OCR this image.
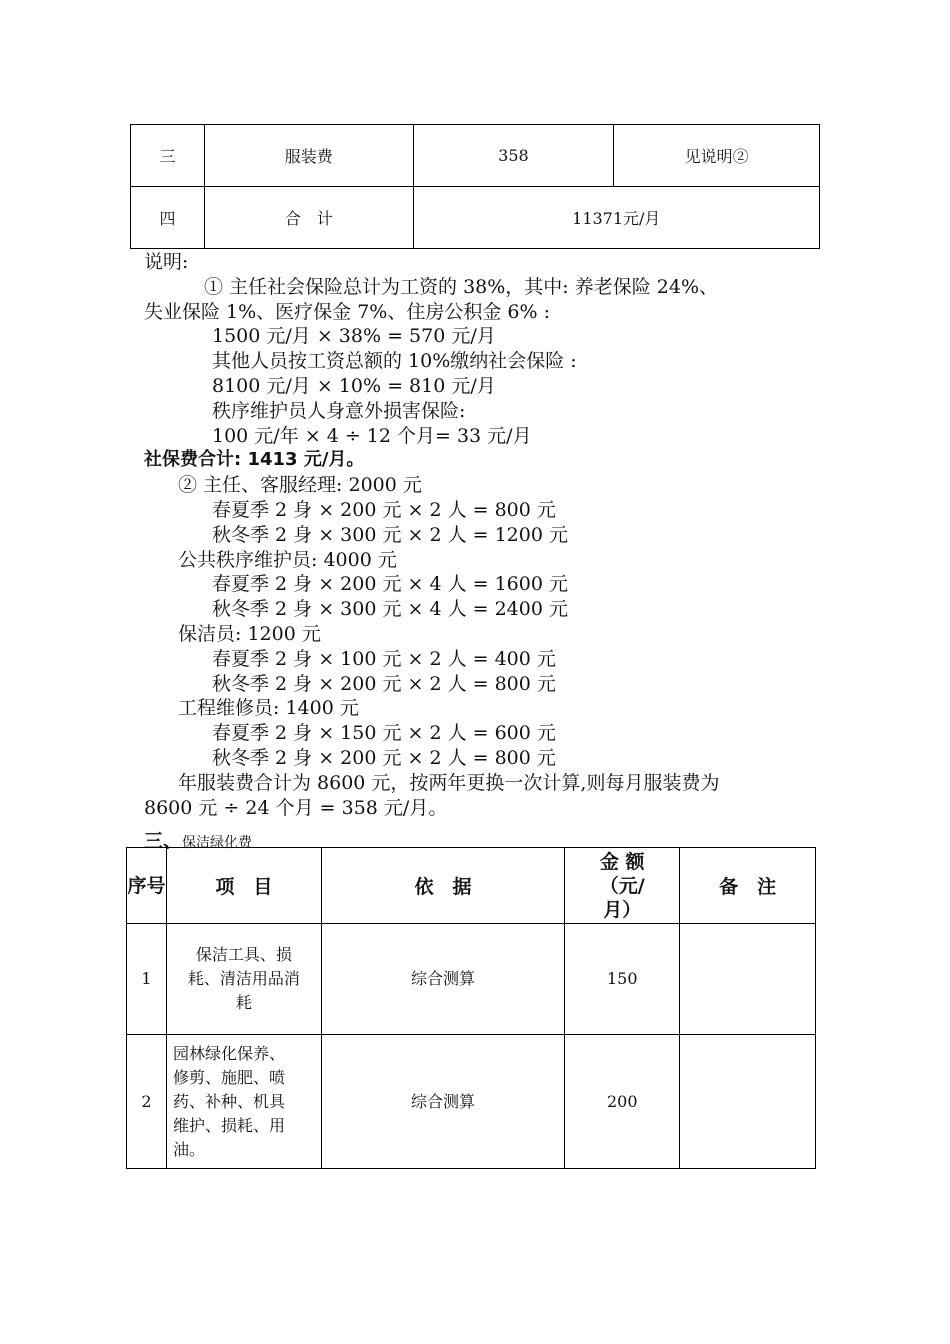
三	服装费	358	见说明②
四	合　计	11371元/月	
说明:
① 主任社会保险总计为工资的 38%，其中: 养老保险 24%、
失业保险 1%、医疗保金 7%、住房公积金 6% :
1500 元/月 × 38% = 570 元/月
其他人员按工资总额的 10%缴纳社会保险 :
8100 元/月 × 10% = 810 元/月
秩序维护员人身意外损害保险:
100 元/年 × 4 ÷ 12 个月= 33 元/月
社保费合计: 1413 元/月。
② 主任、客服经理: 2000 元
春夏季 2 身 × 200 元 × 2 人 = 800 元
秋冬季 2 身 × 300 元 × 2 人 = 1200 元
公共秩序维护员: 4000 元
春夏季 2 身 × 200 元 × 4 人 = 1600 元
秋冬季 2 身 × 300 元 × 4 人 = 2400 元
保洁员: 1200 元
春夏季 2 身 × 100 元 × 2 人 = 400 元
秋冬季 2 身 × 200 元 × 2 人 = 800 元
工程维修员: 1400 元
春夏季 2 身 × 150 元 × 2 人 = 600 元
秋冬季 2 身 × 200 元 × 2 人 = 800 元
年服装费合计为 8600 元，按两年更换一次计算,则每月服装费为
8600 元 ÷ 24 个月 = 358 元/月。
三、保洁绿化费
序号	项　目	依　据	金 额
（元/
月）	备　注
1	保洁工具、损
耗、清洁用品消
耗	综合测算	150	
2	园林绿化保养、
修剪、施肥、喷
药、补种、机具
维护、损耗、用
油。	综合测算	200	
